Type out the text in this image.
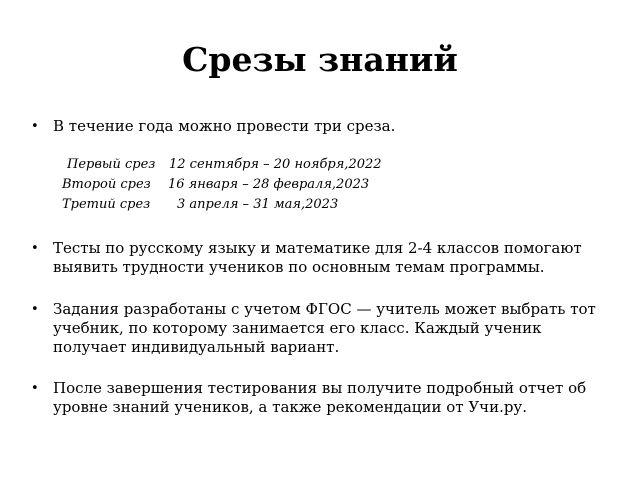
Срезы знаний
• В течение года можно провести три среза.
Первый срез	12 сентября – 20 ноября,2022
Второй срез	16 января – 28 февраля,2023
Третий срез	3 апреля – 31 мая,2023
• Тесты по русскому языку и математике для 2-4 классов помогают выявить трудности учеников по основным темам программы.
• Задания разработаны с учетом ФГОС — учитель может выбрать тот учебник, по которому занимается его класс. Каждый ученик получает индивидуальный вариант.
• После завершения тестирования вы получите подробный отчет об уровне знаний учеников, а также рекомендации от Учи.ру.
